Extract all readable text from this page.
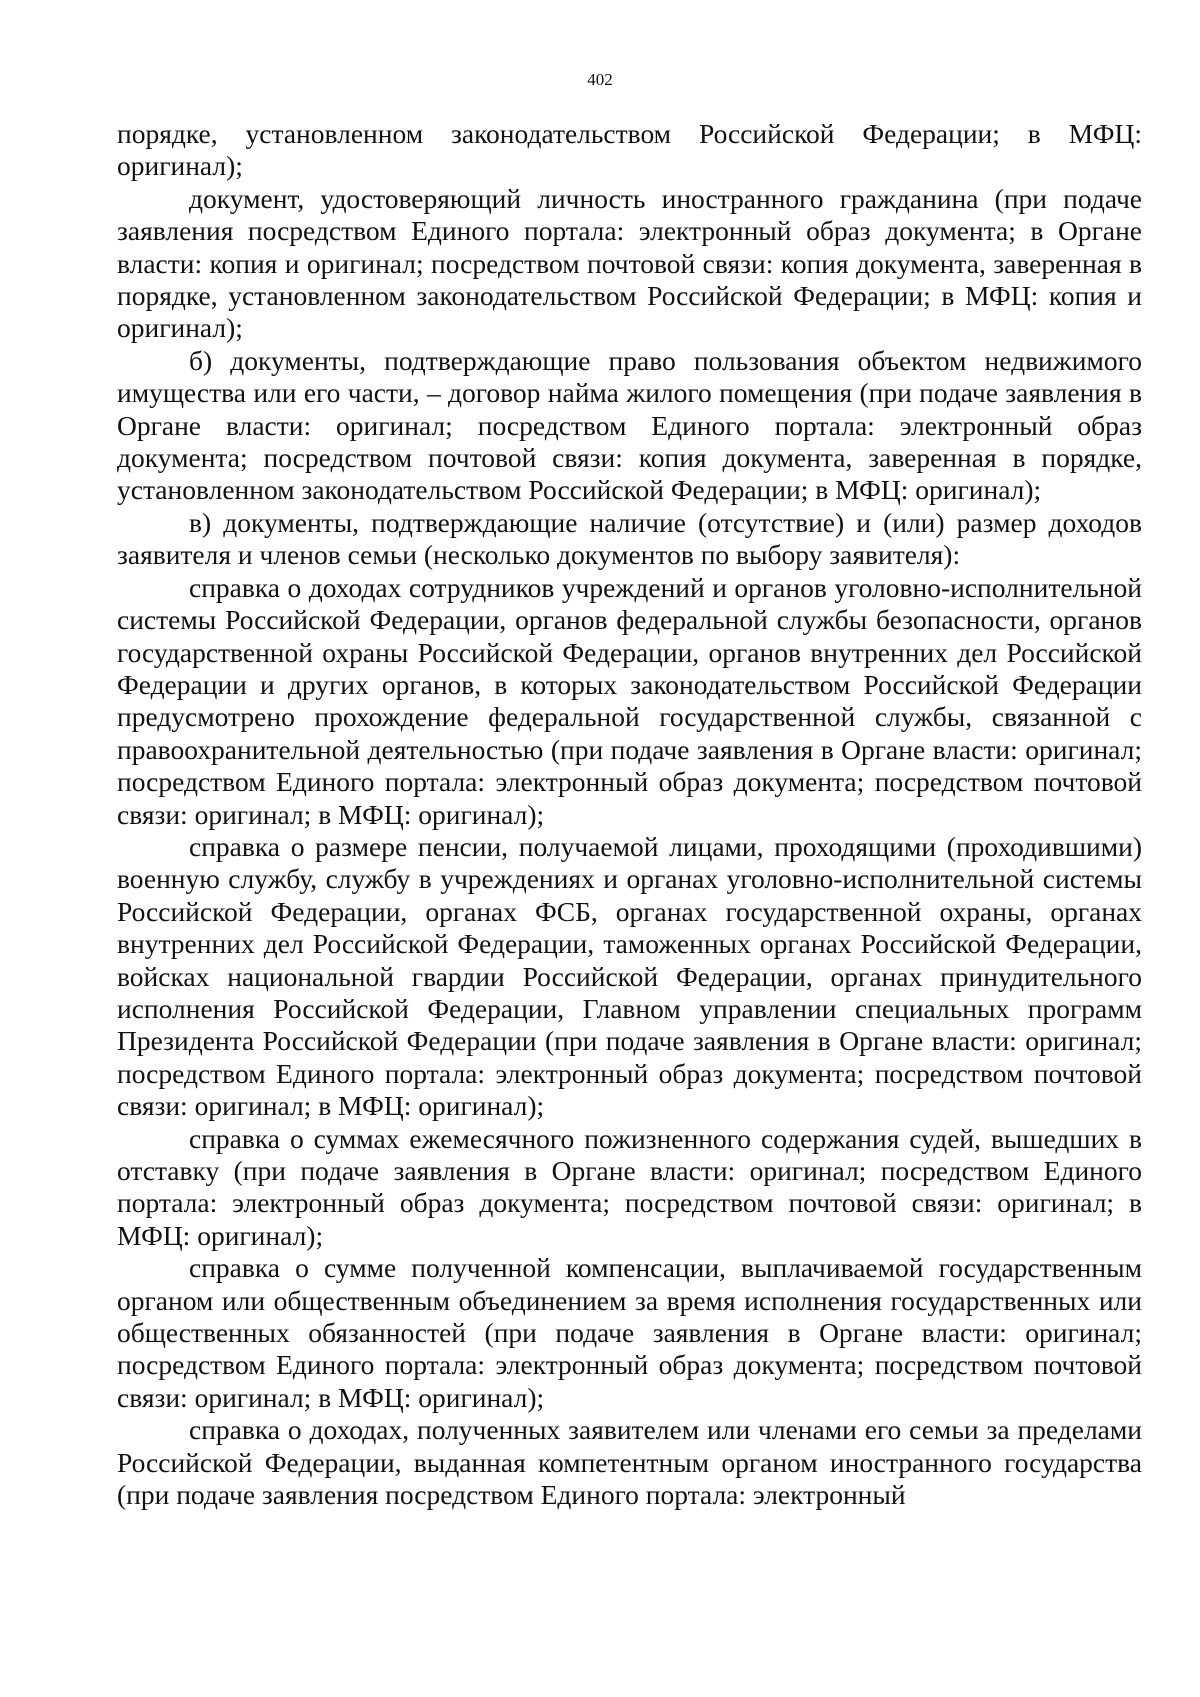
402

порядке, установленном законодательством Российской Федерации; в МФЦ: оригинал);

документ, удостоверяющий личность иностранного гражданина (при подаче заявления посредством Единого портала: электронный образ документа; в Органе власти: копия и оригинал; посредством почтовой связи: копия документа, заверенная в порядке, установленном законодательством Российской Федерации; в МФЦ: копия и оригинал);

б) документы, подтверждающие право пользования объектом недвижимого имущества или его части, – договор найма жилого помещения (при подаче заявления в Органе власти: оригинал; посредством Единого портала: электронный образ документа; посредством почтовой связи: копия документа, заверенная в порядке, установленном законодательством Российской Федерации; в МФЦ: оригинал);

в) документы, подтверждающие наличие (отсутствие) и (или) размер доходов заявителя и членов семьи (несколько документов по выбору заявителя):

справка о доходах сотрудников учреждений и органов уголовно-исполнительной системы Российской Федерации, органов федеральной службы безопасности, органов государственной охраны Российской Федерации, органов внутренних дел Российской Федерации и других органов, в которых законодательством Российской Федерации предусмотрено прохождение федеральной государственной службы, связанной с правоохранительной деятельностью (при подаче заявления в Органе власти: оригинал; посредством Единого портала: электронный образ документа; посредством почтовой связи: оригинал; в МФЦ: оригинал);

справка о размере пенсии, получаемой лицами, проходящими (проходившими) военную службу, службу в учреждениях и органах уголовно-исполнительной системы Российской Федерации, органах ФСБ, органах государственной охраны, органах внутренних дел Российской Федерации, таможенных органах Российской Федерации, войсках национальной гвардии Российской Федерации, органах принудительного исполнения Российской Федерации, Главном управлении специальных программ Президента Российской Федерации (при подаче заявления в Органе власти: оригинал; посредством Единого портала: электронный образ документа; посредством почтовой связи: оригинал; в МФЦ: оригинал);

справка о суммах ежемесячного пожизненного содержания судей, вышедших в отставку (при подаче заявления в Органе власти: оригинал; посредством Единого портала: электронный образ документа; посредством почтовой связи: оригинал; в МФЦ: оригинал);

справка о сумме полученной компенсации, выплачиваемой государственным органом или общественным объединением за время исполнения государственных или общественных обязанностей (при подаче заявления в Органе власти: оригинал; посредством Единого портала: электронный образ документа; посредством почтовой связи: оригинал; в МФЦ: оригинал);

справка о доходах, полученных заявителем или членами его семьи за пределами Российской Федерации, выданная компетентным органом иностранного государства (при подаче заявления посредством Единого портала: электронный
